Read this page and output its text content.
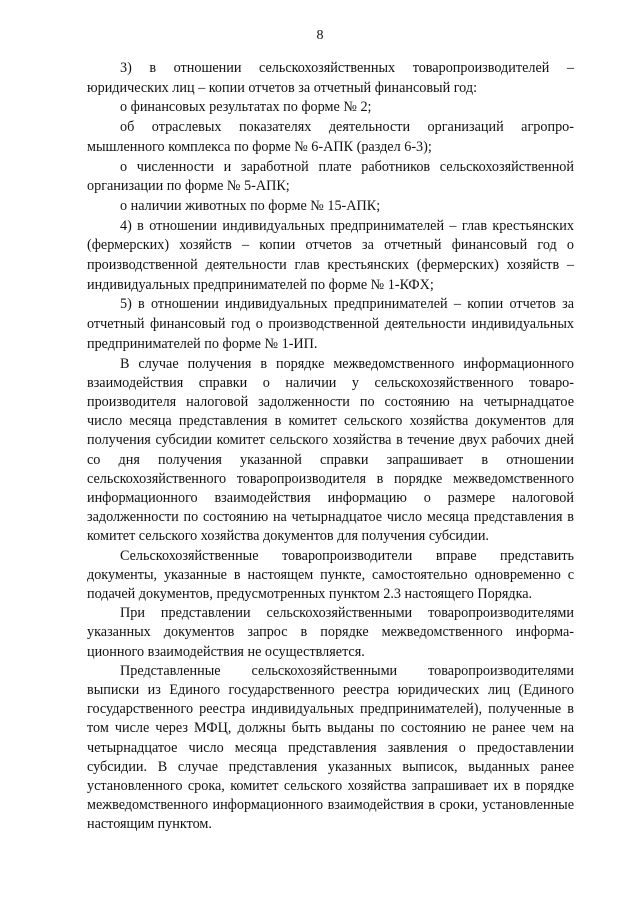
8

3) в отношении сельскохозяйственных товаропроизводителей – юридических лиц – копии отчетов за отчетный финансовый год:

о финансовых результатах по форме № 2;

об отраслевых показателях деятельности организаций агропро-мышленного комплекса по форме № 6-АПК (раздел 6-3);

о численности и заработной плате работников сельскохозяйственной организации по форме № 5-АПК;

о наличии животных по форме № 15-АПК;

4) в отношении индивидуальных предпринимателей – глав крестьянских (фермерских) хозяйств – копии отчетов за отчетный финансовый год о производственной деятельности глав крестьянских (фермерских) хозяйств – индивидуальных предпринимателей по форме № 1-КФХ;

5) в отношении индивидуальных предпринимателей – копии отчетов за отчетный финансовый год о производственной деятельности индивидуальных предпринимателей по форме № 1-ИП.

В случае получения в порядке межведомственного информационного взаимодействия справки о наличии у сельскохозяйственного товаро-производителя налоговой задолженности по состоянию на четырнадцатое число месяца представления в комитет сельского хозяйства документов для получения субсидии комитет сельского хозяйства в течение двух рабочих дней со дня получения указанной справки запрашивает в отношении сельскохозяйственного товаропроизводителя в порядке межведомственного информационного взаимодействия информацию о размере налоговой задолженности по состоянию на четырнадцатое число месяца представления в комитет сельского хозяйства документов для получения субсидии.

Сельскохозяйственные товаропроизводители вправе представить документы, указанные в настоящем пункте, самостоятельно одновременно с подачей документов, предусмотренных пунктом 2.3 настоящего Порядка.

При представлении сельскохозяйственными товаропроизводителями указанных документов запрос в порядке межведомственного информа-ционного взаимодействия не осуществляется.

Представленные сельскохозяйственными товаропроизводителями выписки из Единого государственного реестра юридических лиц (Единого государственного реестра индивидуальных предпринимателей), полученные в том числе через МФЦ, должны быть выданы по состоянию не ранее чем на четырнадцатое число месяца представления заявления о предоставлении субсидии. В случае представления указанных выписок, выданных ранее установленного срока, комитет сельского хозяйства запрашивает их в порядке межведомственного информационного взаимодействия в сроки, установленные настоящим пунктом.
